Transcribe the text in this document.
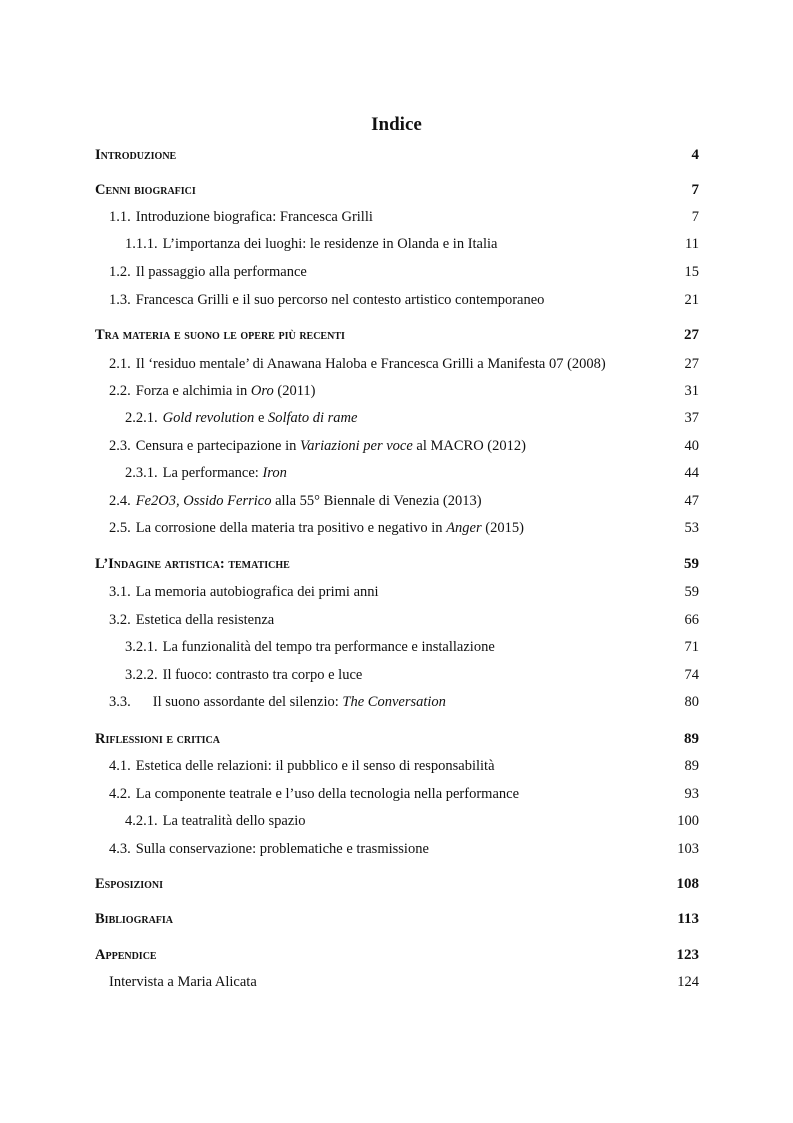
Indice
Introduzione	4
Cenni biografici	7
1.1. Introduzione biografica: Francesca Grilli	7
1.1.1. L’importanza dei luoghi: le residenze in Olanda e in Italia	11
1.2. Il passaggio alla performance	15
1.3. Francesca Grilli e il suo percorso nel contesto artistico contemporaneo	21
Tra materia e suono le opere più recenti	27
2.1. Il ‘residuo mentale’ di Anawana Haloba e Francesca Grilli a Manifesta 07 (2008)	27
2.2. Forza e alchimia in Oro (2011)	31
2.2.1. Gold revolution e Solfato di rame	37
2.3. Censura e partecipazione in Variazioni per voce al MACRO (2012)	40
2.3.1. La performance: Iron	44
2.4. Fe2O3, Ossido Ferrico alla 55° Biennale di Venezia (2013)	47
2.5. La corrosione della materia tra positivo e negativo in Anger (2015)	53
L’Indagine artistica: tematiche	59
3.1. La memoria autobiografica dei primi anni	59
3.2. Estetica della resistenza	66
3.2.1. La funzionalità del tempo tra performance e installazione	71
3.2.2. Il fuoco: contrasto tra corpo e luce	74
3.3. Il suono assordante del silenzio: The Conversation	80
Riflessioni e critica	89
4.1. Estetica delle relazioni: il pubblico e il senso di responsabilità	89
4.2. La componente teatrale e l’uso della tecnologia nella performance	93
4.2.1. La teatralità dello spazio	100
4.3. Sulla conservazione: problematiche e trasmissione	103
Esposizioni	108
Bibliografia	113
Appendice	123
Intervista a Maria Alicata	124
